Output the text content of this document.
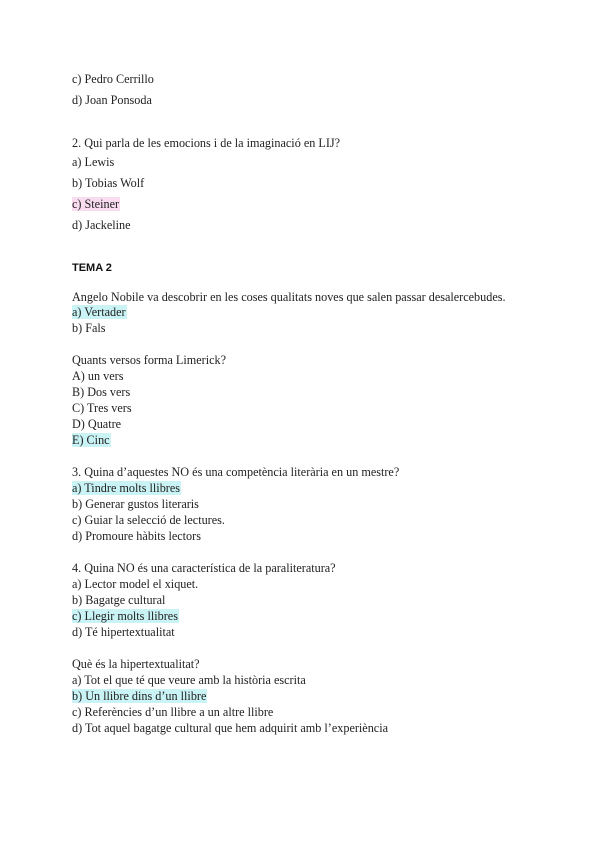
c) Pedro Cerrillo
d) Joan Ponsoda
2. Qui parla de les emocions i de la imaginació en LIJ?
a) Lewis
b) Tobias Wolf
c) Steiner
d) Jackeline
TEMA 2
Angelo Nobile va descobrir en les coses qualitats noves que salen passar desalercebudes.
a) Vertader
b) Fals
Quants versos forma Limerick?
A) un vers
B) Dos vers
C) Tres vers
D) Quatre
E) Cinc
3. Quina d’aquestes NO és una competència literària en un mestre?
a) Tindre molts llibres
b) Generar gustos literaris
c) Guiar la selecció de lectures.
d) Promoure hàbits lectors
4. Quina NO és una característica de la paraliteratura?
a) Lector model el xiquet.
b) Bagatge cultural
c) Llegir molts llibres
d) Té hipertextualitat
Què és la hipertextualitat?
a) Tot el que té que veure amb la història escrita
b) Un llibre dins d’un llibre
c) Referències d’un llibre a un altre llibre
d) Tot aquel bagatge cultural que hem adquirit amb l’experiència
